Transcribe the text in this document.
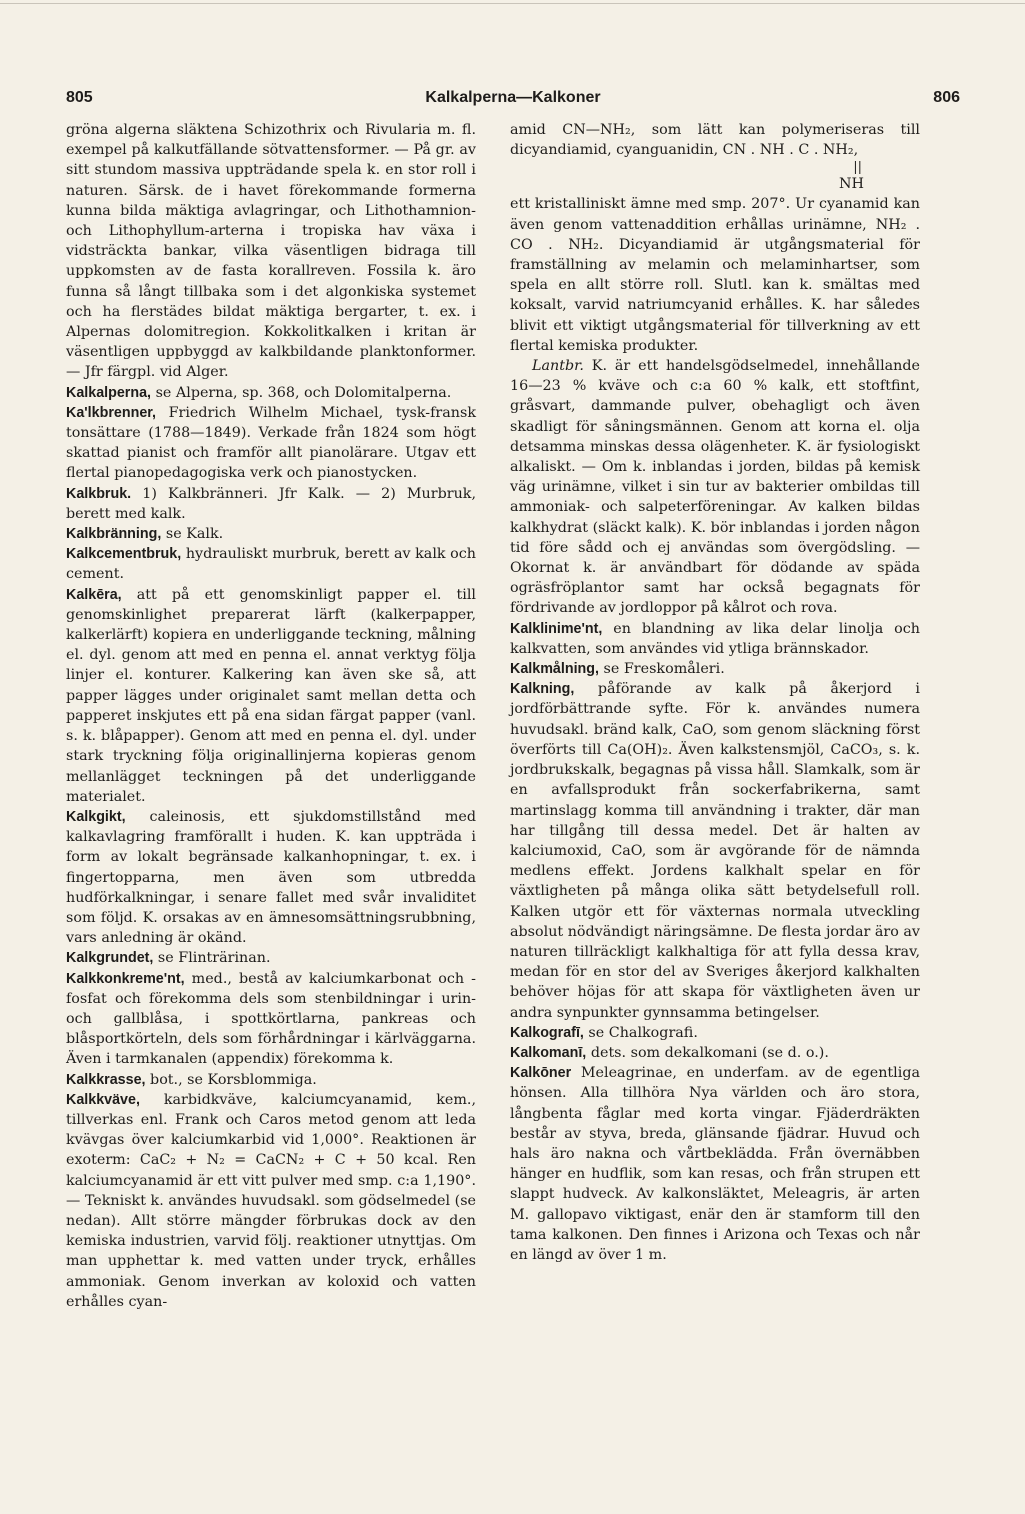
805	Kalkalperna—Kalkoner	806

gröna algerna släktena Schizothrix och Rivularia m. fl. exempel på kalkutfällande sötvattensformer. — På gr. av sitt stundom massiva uppträdande spela k. en stor roll i naturen. Särsk. de i havet förekommande formerna kunna bilda mäktiga avlagringar, och Lithothamnion- och Lithophyllum-arterna i tropiska hav växa i vidsträckta bankar, vilka väsentligen bidraga till uppkomsten av de fasta korallreven. Fossila k. äro funna så långt tillbaka som i det algonkiska systemet och ha flerstädes bildat mäktiga bergarter, t. ex. i Alpernas dolomitregion. Kokkolitkalken i kritan är väsentligen uppbyggd av kalkbildande planktonformer. — Jfr färgpl. vid Alger.

Kalkalperna, se Alperna, sp. 368, och Dolomitalperna.

Ka'lkbrenner, Friedrich Wilhelm Michael, tysk-fransk tonsättare (1788—1849). Verkade från 1824 som högt skattad pianist och framför allt pianolärare. Utgav ett flertal pianopedagogiska verk och pianostycken.

Kalkbruk. 1) Kalkbränneri. Jfr Kalk. — 2) Murbruk, berett med kalk.

Kalkbränning, se Kalk.

Kalkcementbruk, hydrauliskt murbruk, berett av kalk och cement.

Kalkēra, att på ett genomskinligt papper el. till genomskinlighet preparerat lärft (kalkerpapper, kalkerlärft) kopiera en underliggande teckning, målning el. dyl. genom att med en penna el. annat verktyg följa linjer el. konturer. Kalkering kan även ske så, att papper lägges under originalet samt mellan detta och papperet inskjutes ett på ena sidan färgat papper (vanl. s. k. blåpapper). Genom att med en penna el. dyl. under stark tryckning följa originallinjerna kopieras genom mellanlägget teckningen på det underliggande materialet.

Kalkgikt, caleinosis, ett sjukdomstillstånd med kalkavlagring framförallt i huden. K. kan uppträda i form av lokalt begränsade kalkanhopningar, t. ex. i fingertopparna, men även som utbredda hudförkalkningar, i senare fallet med svår invaliditet som följd. K. orsakas av en ämnesomsättningsrubbning, vars anledning är okänd.

Kalkgrundet, se Flinträrinan.

Kalkkonkreme'nt, med., bestå av kalciumkarbonat och -fosfat och förekomma dels som stenbildningar i urin- och gallblåsa, i spottkörtlarna, pankreas och blåsportkörteln, dels som förhårdningar i kärlväggarna. Även i tarmkanalen (appendix) förekomma k.

Kalkkrasse, bot., se Korsblommiga.

Kalkkväve, karbidkväve, kalciumcyanamid, kem., tillverkas enl. Frank och Caros metod genom att leda kvävgas över kalciumkarbid vid 1,000°. Reaktionen är exoterm: CaC₂ + N₂ = CaCN₂ + C + 50 kcal. Ren kalciumcyanamid är ett vitt pulver med smp. c:a 1,190°. — Tekniskt k. användes huvudsakl. som gödselmedel (se nedan). Allt större mängder förbrukas dock av den kemiska industrien, varvid följ. reaktioner utnyttjas. Om man upphettar k. med vatten under tryck, erhålles ammoniak. Genom inverkan av koloxid och vatten erhålles cyan-

amid CN—NH₂, som lätt kan polymeriseras till dicyandiamid, cyanguanidin, CN . NH . C . NH₂,

||
NH

ett kristalliniskt ämne med smp. 207°. Ur cyanamid kan även genom vattenaddition erhållas urinämne, NH₂ . CO . NH₂. Dicyandiamid är utgångsmaterial för framställning av melamin och melaminhartser, som spela en allt större roll. Slutl. kan k. smältas med koksalt, varvid natriumcyanid erhålles. K. har således blivit ett viktigt utgångsmaterial för tillverkning av ett flertal kemiska produkter.

Lantbr. K. är ett handelsgödselmedel, innehållande 16—23 % kväve och c:a 60 % kalk, ett stoftfint, gråsvart, dammande pulver, obehagligt och även skadligt för såningsmännen. Genom att korna el. olja detsamma minskas dessa olägenheter. K. är fysiologiskt alkaliskt. — Om k. inblandas i jorden, bildas på kemisk väg urinämne, vilket i sin tur av bakterier ombildas till ammoniak- och salpeterföreningar. Av kalken bildas kalkhydrat (släckt kalk). K. bör inblandas i jorden någon tid före sådd och ej användas som övergödsling. — Okornat k. är användbart för dödande av späda ogräsfröplantor samt har också begagnats för fördrivande av jordloppor på kålrot och rova.

Kalklinime'nt, en blandning av lika delar linolja och kalkvatten, som användes vid ytliga brännskador.

Kalkmålning, se Freskomåleri.

Kalkning, påförande av kalk på åkerjord i jordförbättrande syfte. För k. användes numera huvudsakl. bränd kalk, CaO, som genom släckning först överförts till Ca(OH)₂. Även kalkstensmjöl, CaCO₃, s. k. jordbrukskalk, begagnas på vissa håll. Slamkalk, som är en avfallsprodukt från sockerfabrikerna, samt martinslagg komma till användning i trakter, där man har tillgång till dessa medel. Det är halten av kalciumoxid, CaO, som är avgörande för de nämnda medlens effekt. Jordens kalkhalt spelar en för växtligheten på många olika sätt betydelsefull roll. Kalken utgör ett för växternas normala utveckling absolut nödvändigt näringsämne. De flesta jordar äro av naturen tillräckligt kalkhaltiga för att fylla dessa krav, medan för en stor del av Sveriges åkerjord kalkhalten behöver höjas för att skapa för växtligheten även ur andra synpunkter gynnsamma betingelser.

Kalkografī, se Chalkografi.

Kalkomanī, dets. som dekalkomani (se d. o.).

Kalkōner Meleagrinae, en underfam. av de egentliga hönsen. Alla tillhöra Nya världen och äro stora, långbenta fåglar med korta vingar. Fjäderdräkten består av styva, breda, glänsande fjädrar. Huvud och hals äro nakna och vårtbeklädda. Från övernäbben hänger en hudflik, som kan resas, och från strupen ett slappt hudveck. Av kalkonsläktet, Meleagris, är arten M. gallopavo viktigast, enär den är stamform till den tama kalkonen. Den finnes i Arizona och Texas och når en längd av över 1 m.
